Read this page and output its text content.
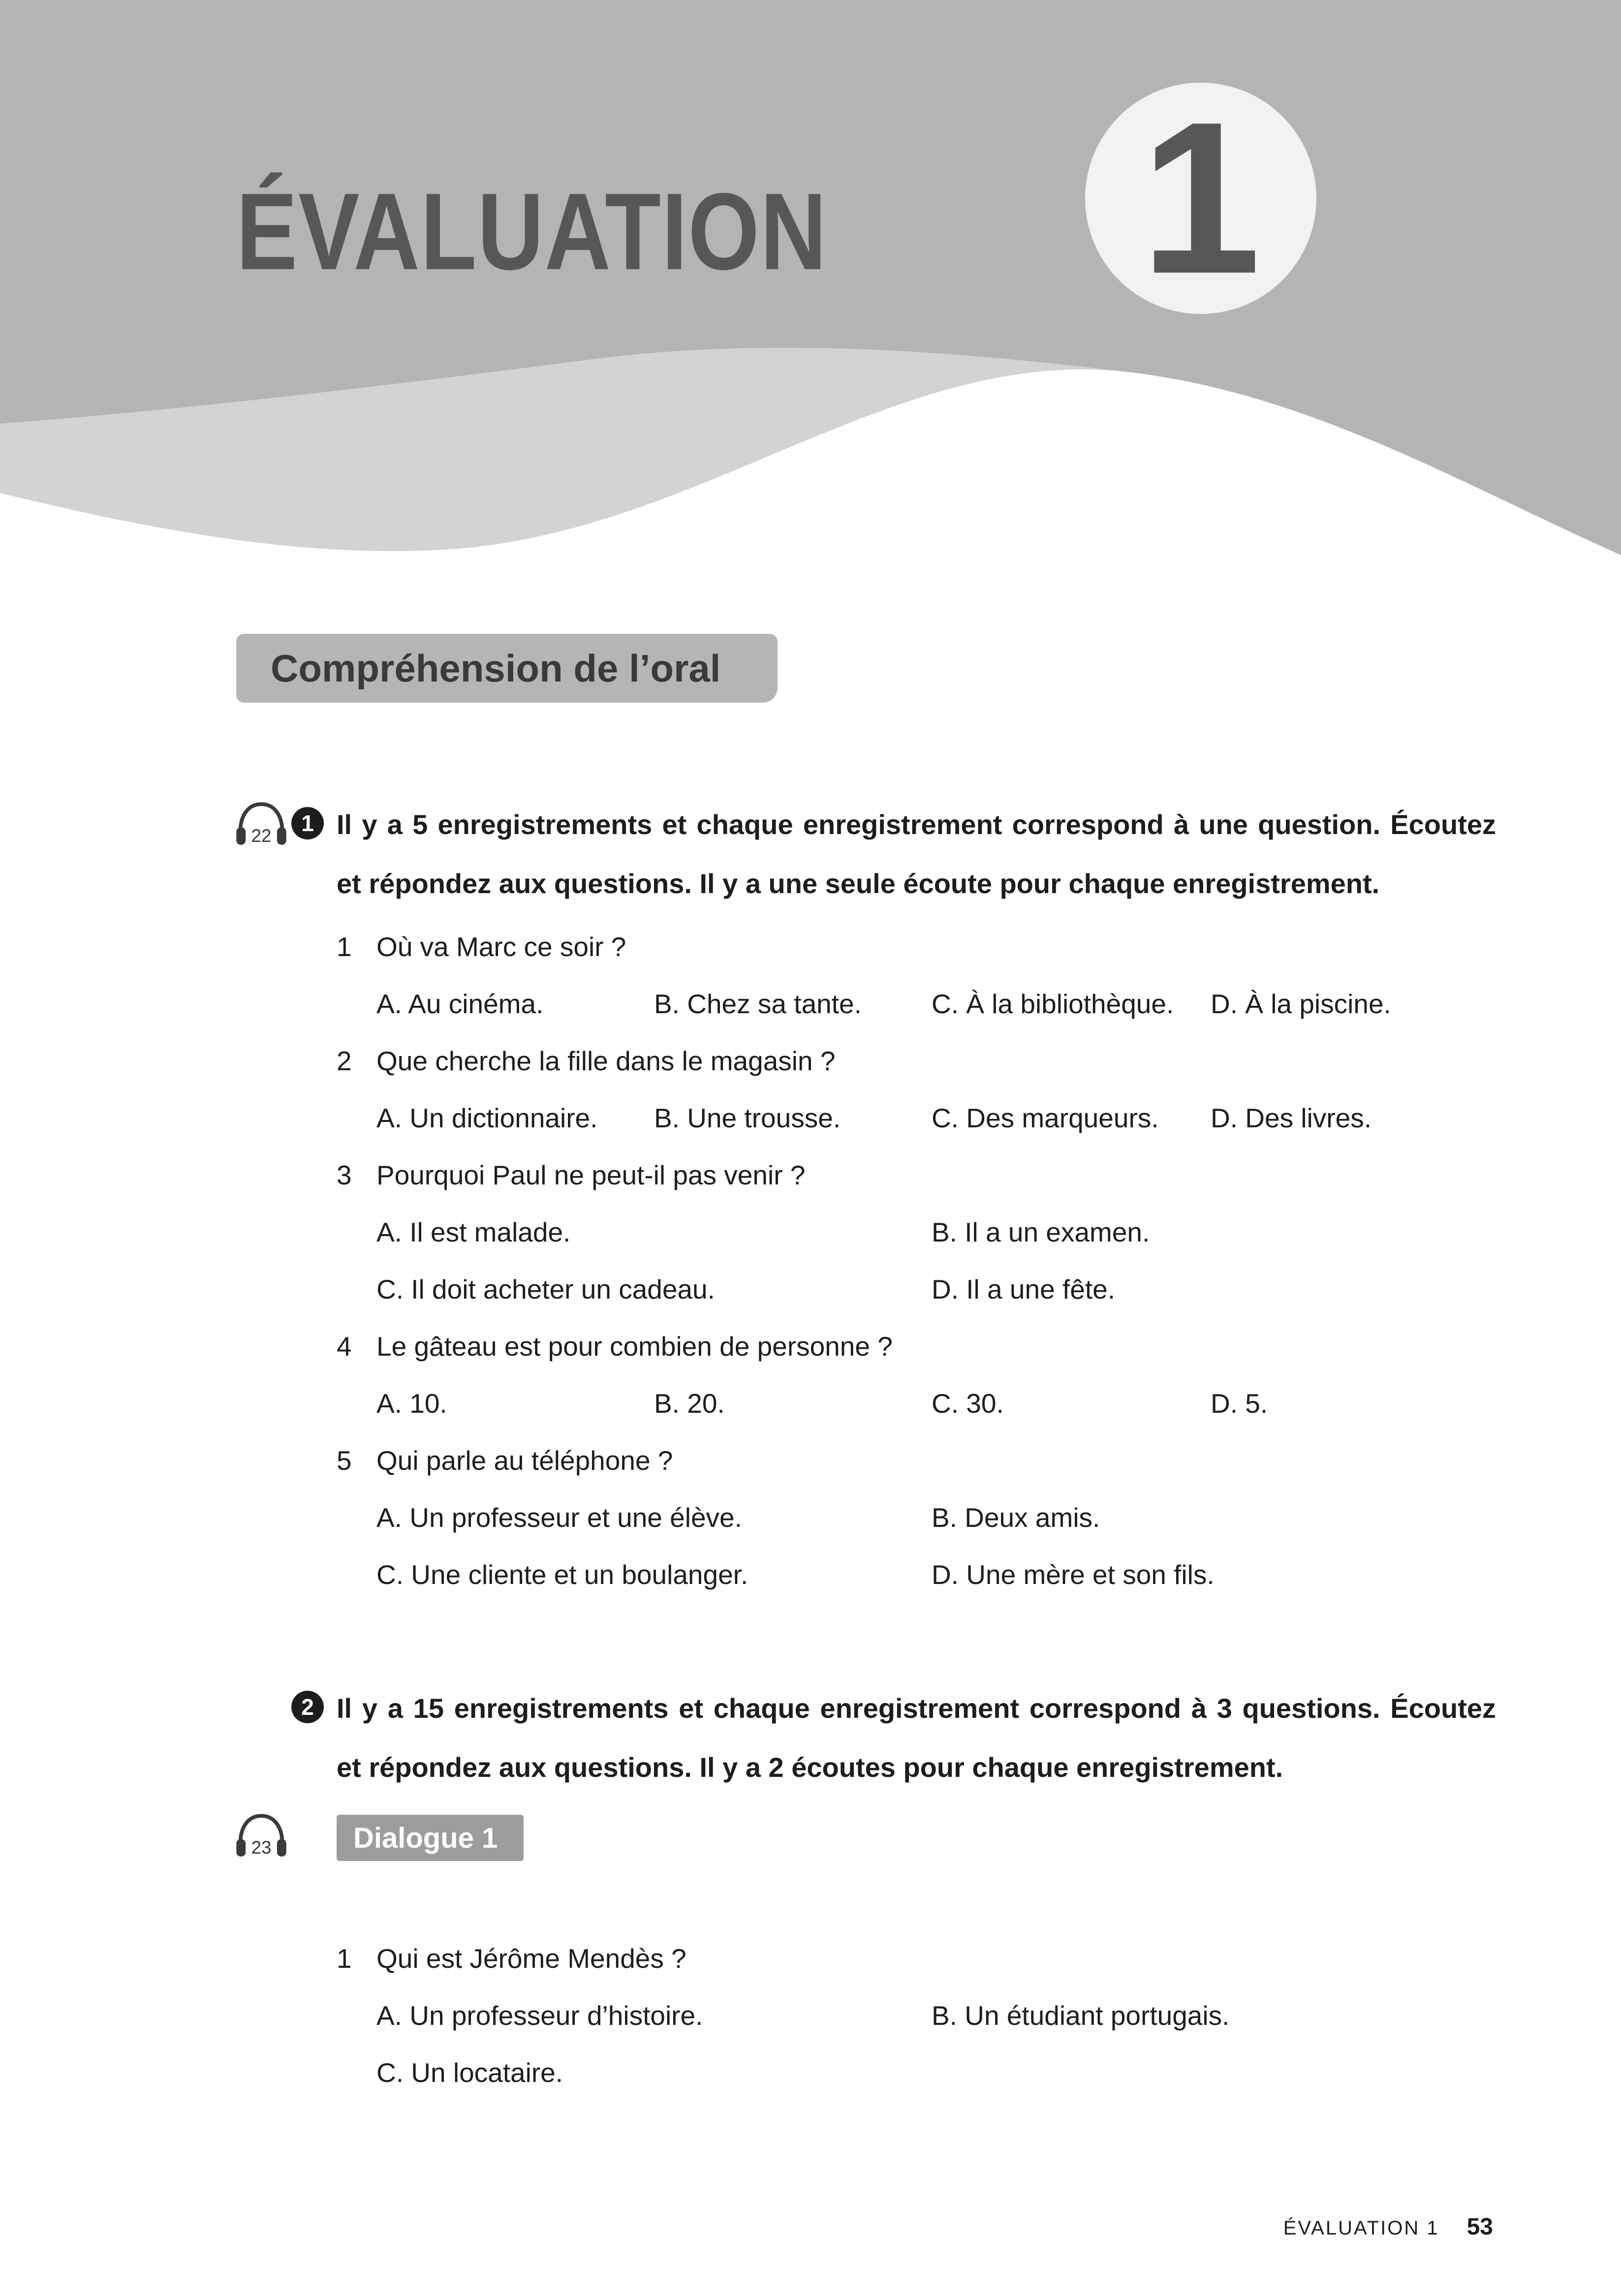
ÉVALUATION 1
Compréhension de l’oral
22 1 Il y a 5 enregistrements et chaque enregistrement correspond à une question. Écoutez et répondez aux questions. Il y a une seule écoute pour chaque enregistrement.

1 Où va Marc ce soir ?
A. Au cinéma.	B. Chez sa tante.	C. À la bibliothèque.	D. À la piscine.
2 Que cherche la fille dans le magasin ?
A. Un dictionnaire.	B. Une trousse.	C. Des marqueurs.	D. Des livres.
3 Pourquoi Paul ne peut-il pas venir ?
A. Il est malade.	B. Il a un examen.
C. Il doit acheter un cadeau.	D. Il a une fête.
4 Le gâteau est pour combien de personne ?
A. 10.	B. 20.	C. 30.	D. 5.
5 Qui parle au téléphone ?
A. Un professeur et une élève.	B. Deux amis.
C. Une cliente et un boulanger.	D. Une mère et son fils.
2 Il y a 15 enregistrements et chaque enregistrement correspond à 3 questions. Écoutez et répondez aux questions. Il y a 2 écoutes pour chaque enregistrement.

23	Dialogue 1
1 Qui est Jérôme Mendès ?
A. Un professeur d’histoire.	B. Un étudiant portugais.
C. Un locataire.
ÉVALUATION 1 53
